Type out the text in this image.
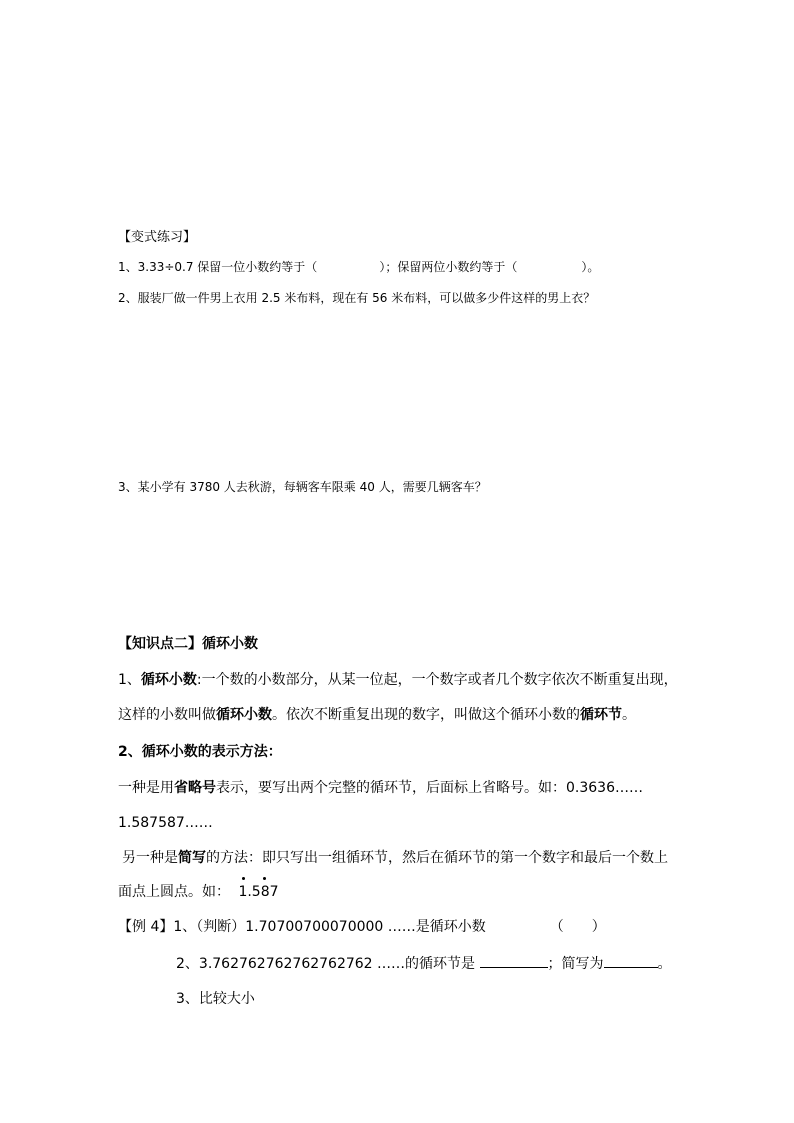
【变式练习】
1、3.33÷0.7 保留一位小数约等于（	）；保留两位小数约等于（	）。
2、服装厂做一件男上衣用 2.5 米布料，现在有 56 米布料，可以做多少件这样的男上衣？
3、某小学有 3780 人去秋游，每辆客车限乘 40 人，需要几辆客车？
【知识点二】循环小数
1、循环小数:一个数的小数部分，从某一位起，一个数字或者几个数字依次不断重复出现，
这样的小数叫做循环小数。依次不断重复出现的数字，叫做这个循环小数的循环节。
2、循环小数的表示方法：
一种是用省略号表示，要写出两个完整的循环节，后面标上省略号。如：0.3636……
1.587587……
另一种是简写的方法：即只写出一组循环节，然后在循环节的第一个数字和最后一个数上
面点上圆点。如： 1.587
【例 4】1、（判断）1.70700700070000 ……是循环小数	（　　）
2、3.762762762762762762 ……的循环节是	；简写为	。
3、比较大小
